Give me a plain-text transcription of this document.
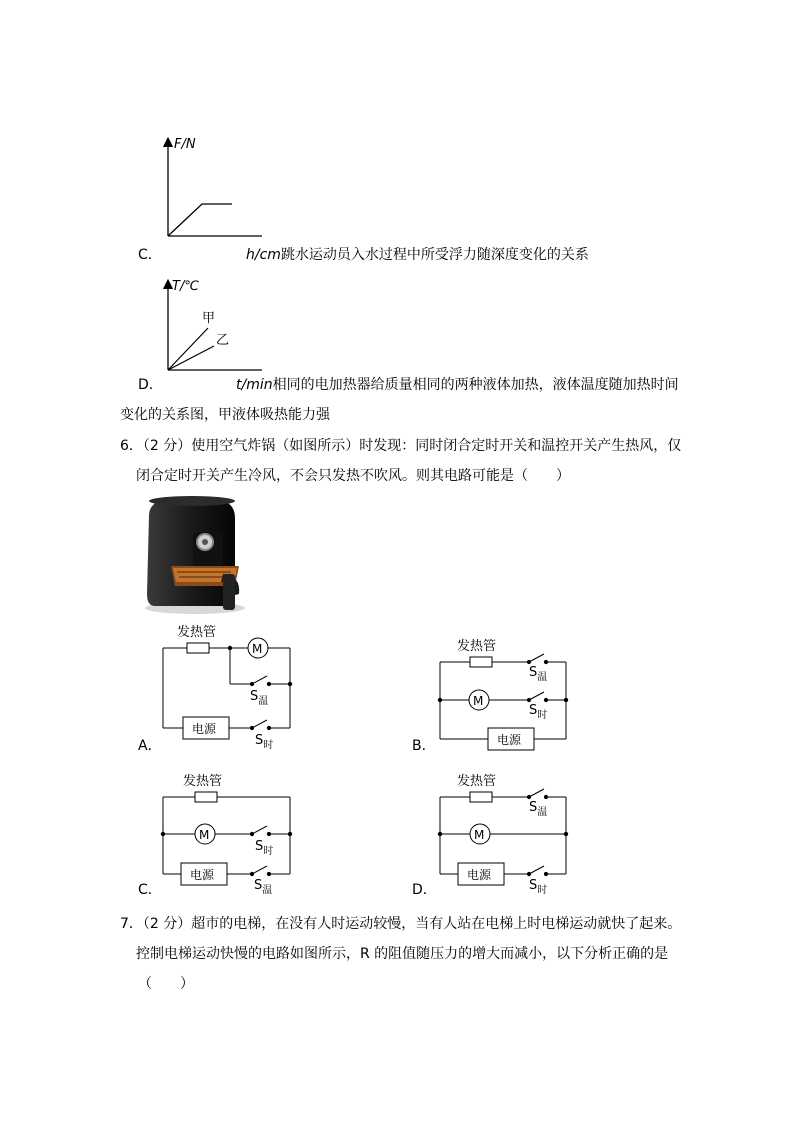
F/N
C．	h/cm跳水运动员入水过程中所受浮力随深度变化的关系
T/℃
甲
乙
D．	t/min相同的电加热器给质量相同的两种液体加热，液体温度随加热时间
变化的关系图，甲液体吸热能力强
6．（2 分）使用空气炸锅（如图所示）时发现：同时闭合定时开关和温控开关产生热风，仅
闭合定时开关产生冷风，不会只发热不吹风。则其电路可能是（　　）
发热管
M
电源
$S_温$
$S_时$
A．
发热管
M
电源
$S_温$
$S_时$
B．
发热管
M
电源
$S_时$
$S_温$
C．
发热管
M
电源
$S_温$
$S_时$
D．
7．（2 分）超市的电梯，在没有人时运动较慢，当有人站在电梯上时电梯运动就快了起来。
控制电梯运动快慢的电路如图所示，R 的阻值随压力的增大而减小，以下分析正确的是
（　　）
